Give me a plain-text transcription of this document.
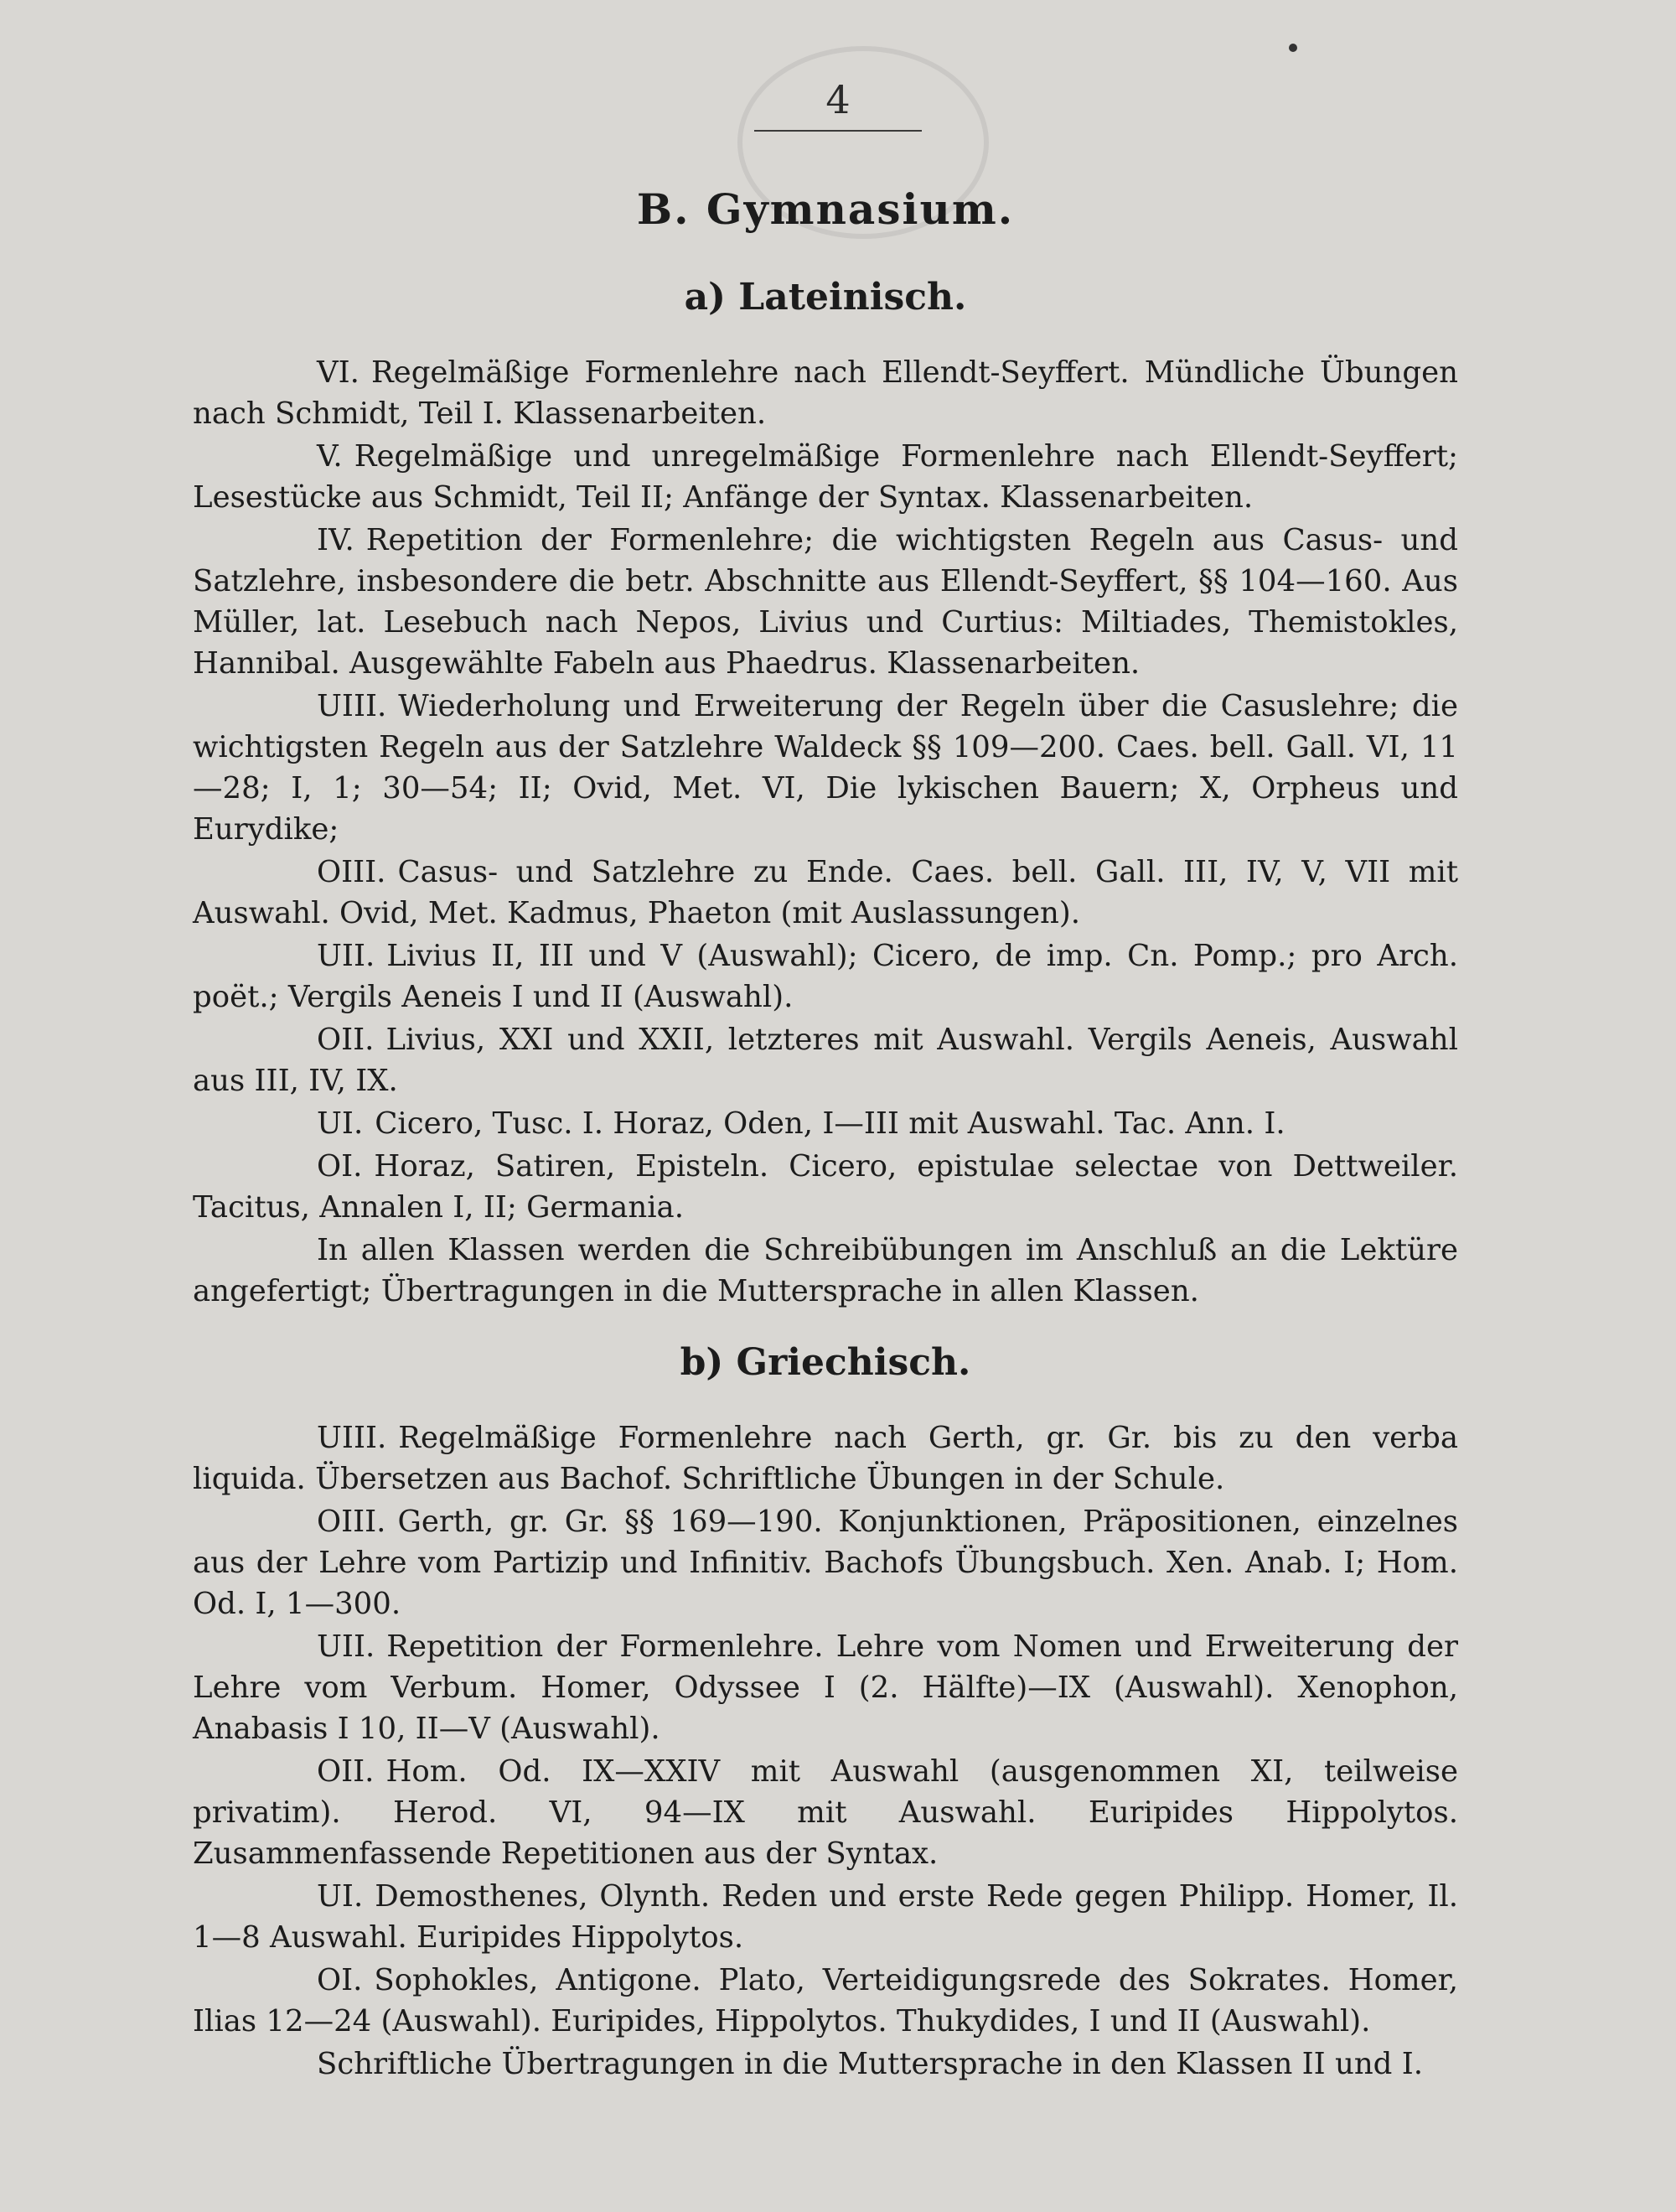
4
B. Gymnasium.
a) Lateinisch.

VI. Regelmäßige Formenlehre nach Ellendt-Seyffert. Mündliche Übungen nach Schmidt, Teil I. Klassenarbeiten.

V. Regelmäßige und unregelmäßige Formenlehre nach Ellendt-Seyffert; Lesestücke aus Schmidt, Teil II; Anfänge der Syntax. Klassenarbeiten.

IV. Repetition der Formenlehre; die wichtigsten Regeln aus Casus- und Satzlehre, insbesondere die betr. Abschnitte aus Ellendt-Seyffert, §§ 104—160. Aus Müller, lat. Lesebuch nach Nepos, Livius und Curtius: Miltiades, Themistokles, Hannibal. Ausgewählte Fabeln aus Phaedrus. Klassenarbeiten.

UIII. Wiederholung und Erweiterung der Regeln über die Casuslehre; die wichtigsten Regeln aus der Satzlehre Waldeck §§ 109—200. Caes. bell. Gall. VI, 11—28; I, 1; 30—54; II; Ovid, Met. VI, Die lykischen Bauern; X, Orpheus und Eurydike;

OIII. Casus- und Satzlehre zu Ende. Caes. bell. Gall. III, IV, V, VII mit Auswahl. Ovid, Met. Kadmus, Phaeton (mit Auslassungen).

UII. Livius II, III und V (Auswahl); Cicero, de imp. Cn. Pomp.; pro Arch. poët.; Vergils Aeneis I und II (Auswahl).

OII. Livius, XXI und XXII, letzteres mit Auswahl. Vergils Aeneis, Auswahl aus III, IV, IX.

UI. Cicero, Tusc. I. Horaz, Oden, I—III mit Auswahl. Tac. Ann. I.

OI. Horaz, Satiren, Episteln. Cicero, epistulae selectae von Dettweiler. Tacitus, Annalen I, II; Germania.

In allen Klassen werden die Schreibübungen im Anschluß an die Lektüre angefertigt; Übertragungen in die Muttersprache in allen Klassen.

b) Griechisch.

UIII. Regelmäßige Formenlehre nach Gerth, gr. Gr. bis zu den verba liquida. Übersetzen aus Bachof. Schriftliche Übungen in der Schule.

OIII. Gerth, gr. Gr. §§ 169—190. Konjunktionen, Präpositionen, einzelnes aus der Lehre vom Partizip und Infinitiv. Bachofs Übungsbuch. Xen. Anab. I; Hom. Od. I, 1—300.

UII. Repetition der Formenlehre. Lehre vom Nomen und Erweiterung der Lehre vom Verbum. Homer, Odyssee I (2. Hälfte)—IX (Auswahl). Xenophon, Anabasis I 10, II—V (Auswahl).

OII. Hom. Od. IX—XXIV mit Auswahl (ausgenommen XI, teilweise privatim). Herod. VI, 94—IX mit Auswahl. Euripides Hippolytos. Zusammenfassende Repetitionen aus der Syntax.

UI. Demosthenes, Olynth. Reden und erste Rede gegen Philipp. Homer, Il. 1—8 Auswahl. Euripides Hippolytos.

OI. Sophokles, Antigone. Plato, Verteidigungsrede des Sokrates. Homer, Ilias 12—24 (Auswahl). Euripides, Hippolytos. Thukydides, I und II (Auswahl).

Schriftliche Übertragungen in die Muttersprache in den Klassen II und I.
